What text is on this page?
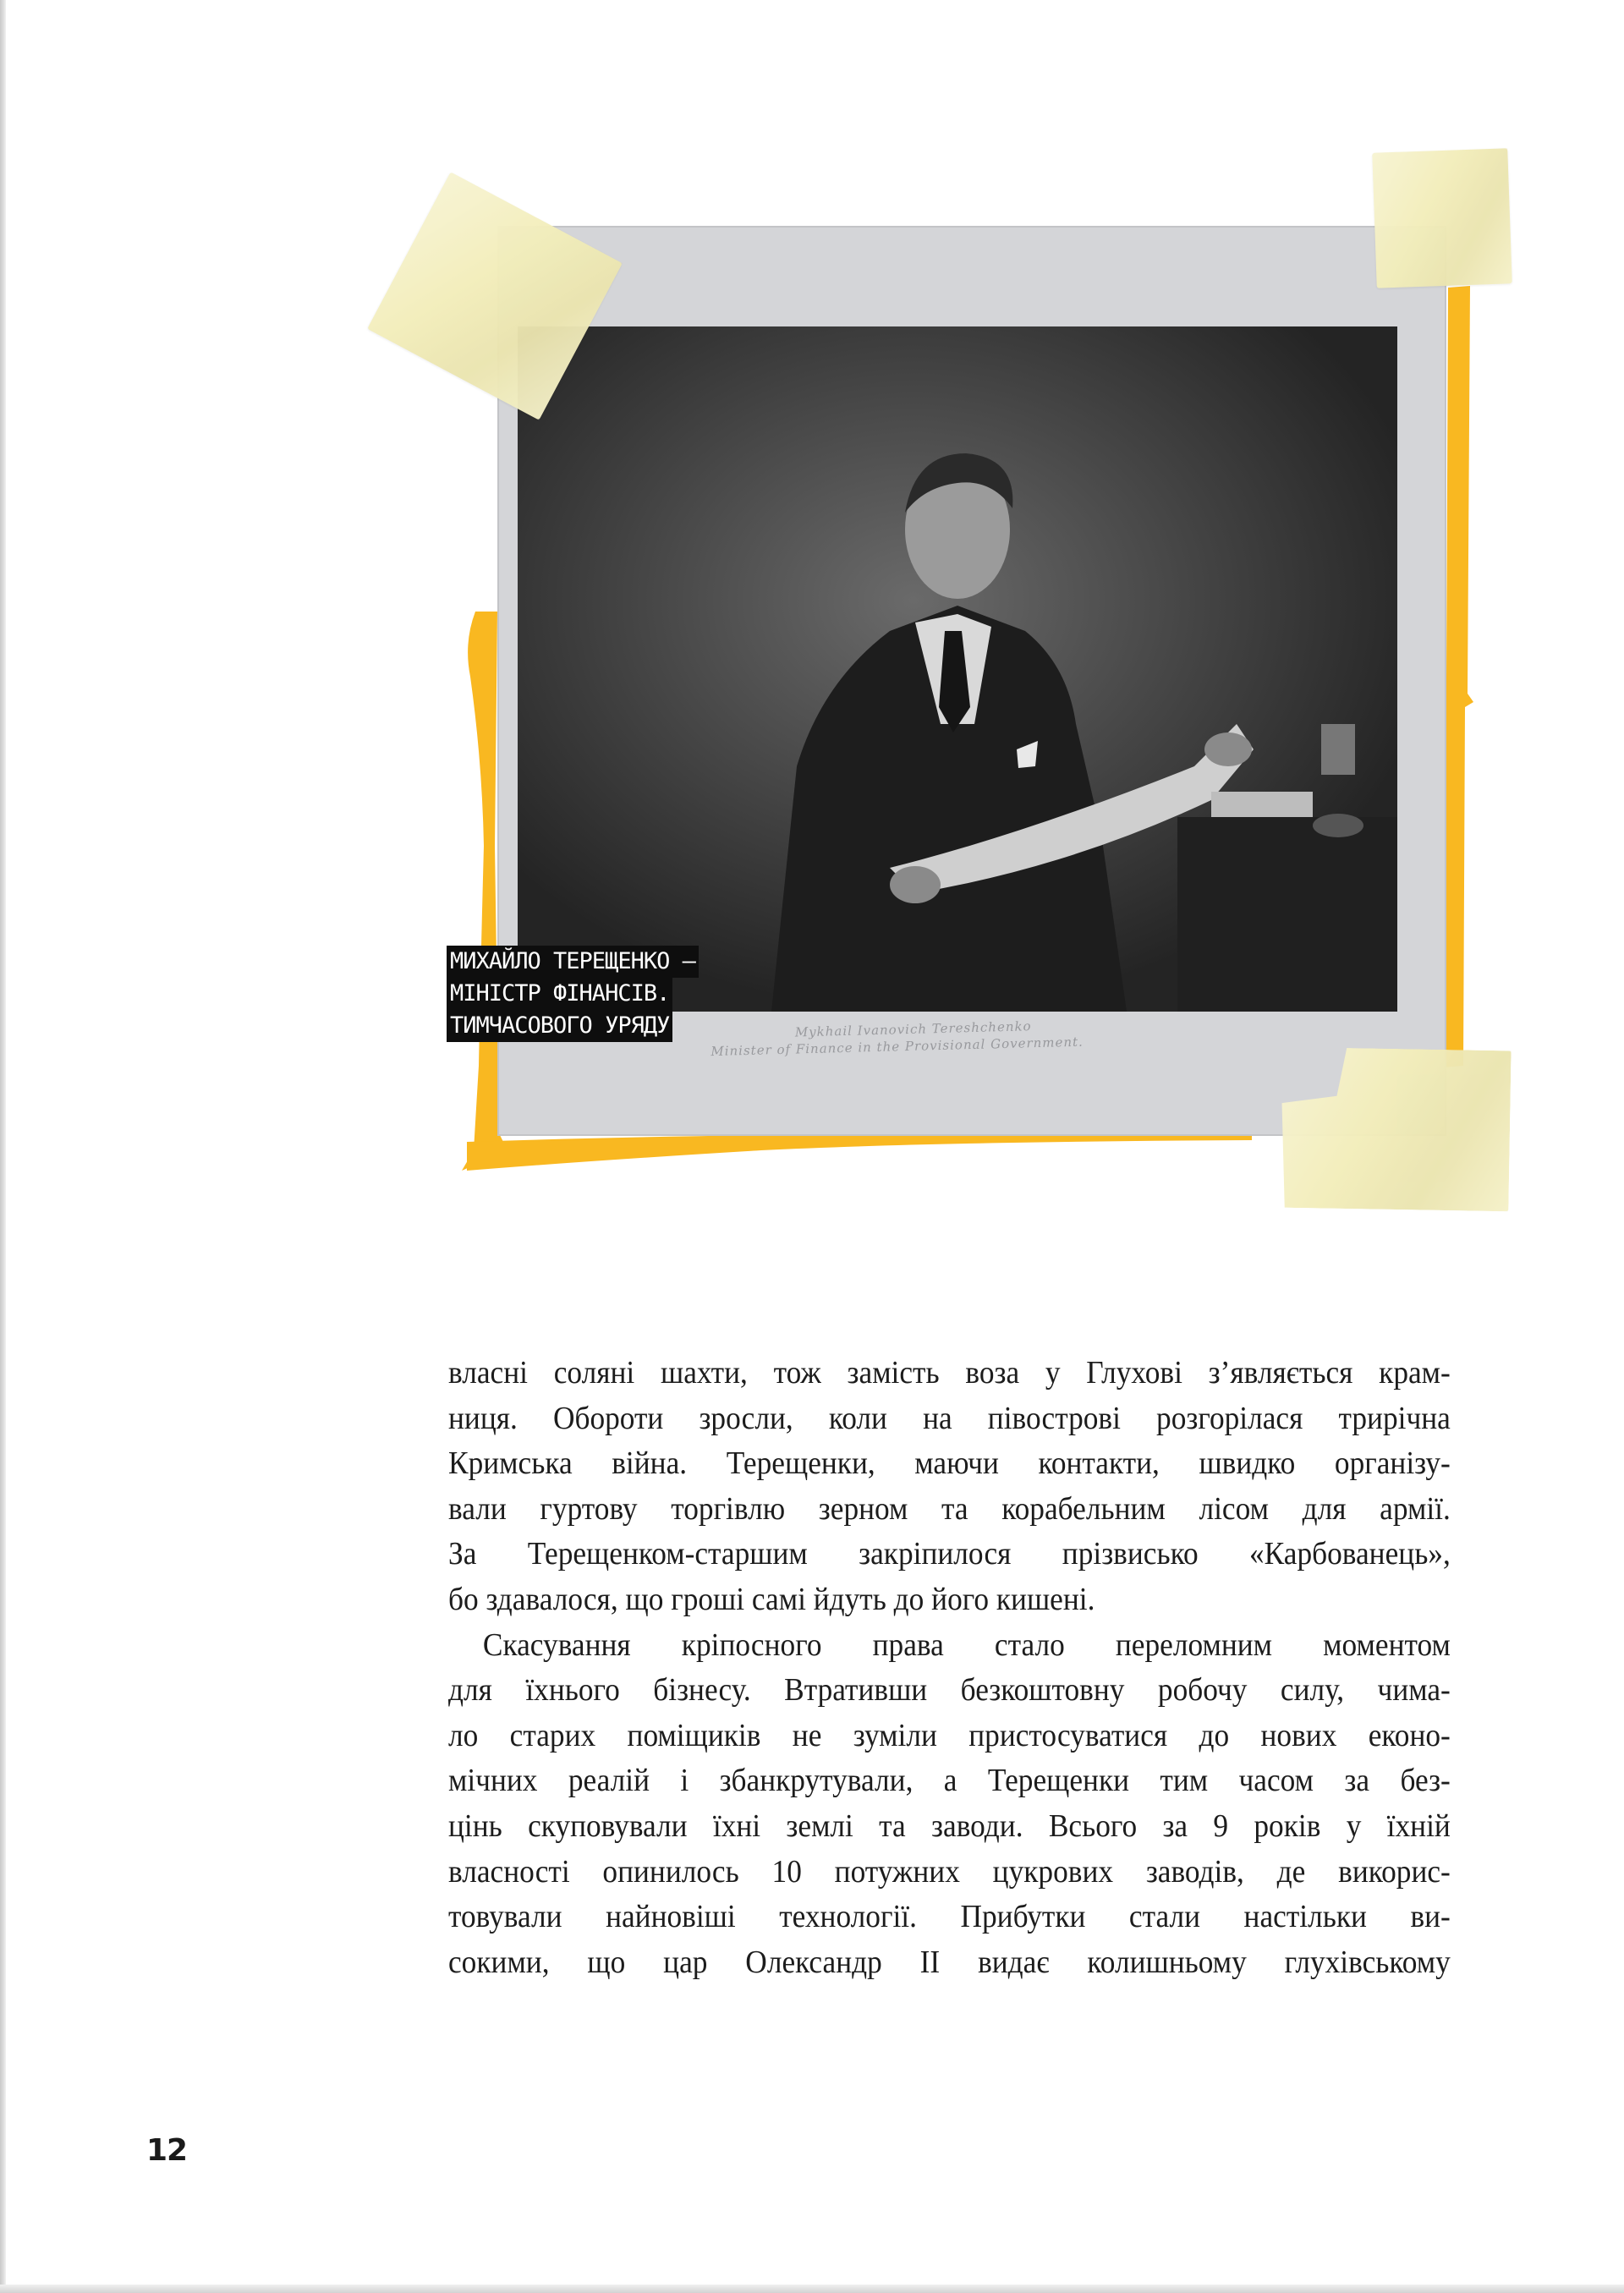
Mykhail Ivanovich Tereshchenko
Minister of Finance in the Provisional Government.
МИХАЙЛО ТЕРЕЩЕНКО –
МІНІСТР ФІНАНСІВ.
ТИМЧАСОВОГО УРЯДУ
власні соляні шахти, тож замість воза у Глухові з’являється крам-
ниця. Обороти зросли, коли на півострові розгорілася трирічна
Кримська війна. Терещенки, маючи контакти, швидко організу-
вали гуртову торгівлю зерном та корабельним лісом для армії.
За Терещенком-старшим закріпилося прізвисько «Карбованець»,
бо здавалося, що гроші самі йдуть до його кишені.
Скасування кріпосного права стало переломним моментом
для їхнього бізнесу. Втративши безкоштовну робочу силу, чима-
ло старих поміщиків не зуміли пристосуватися до нових еконо-
мічних реалій і збанкрутували, а Терещенки тим часом за без-
цінь скуповували їхні землі та заводи. Всього за 9 років у їхній
власності опинилось 10 потужних цукрових заводів, де викорис-
товували найновіші технології. Прибутки стали настільки ви-
сокими, що цар Олександр II видає колишньому глухівському
12
